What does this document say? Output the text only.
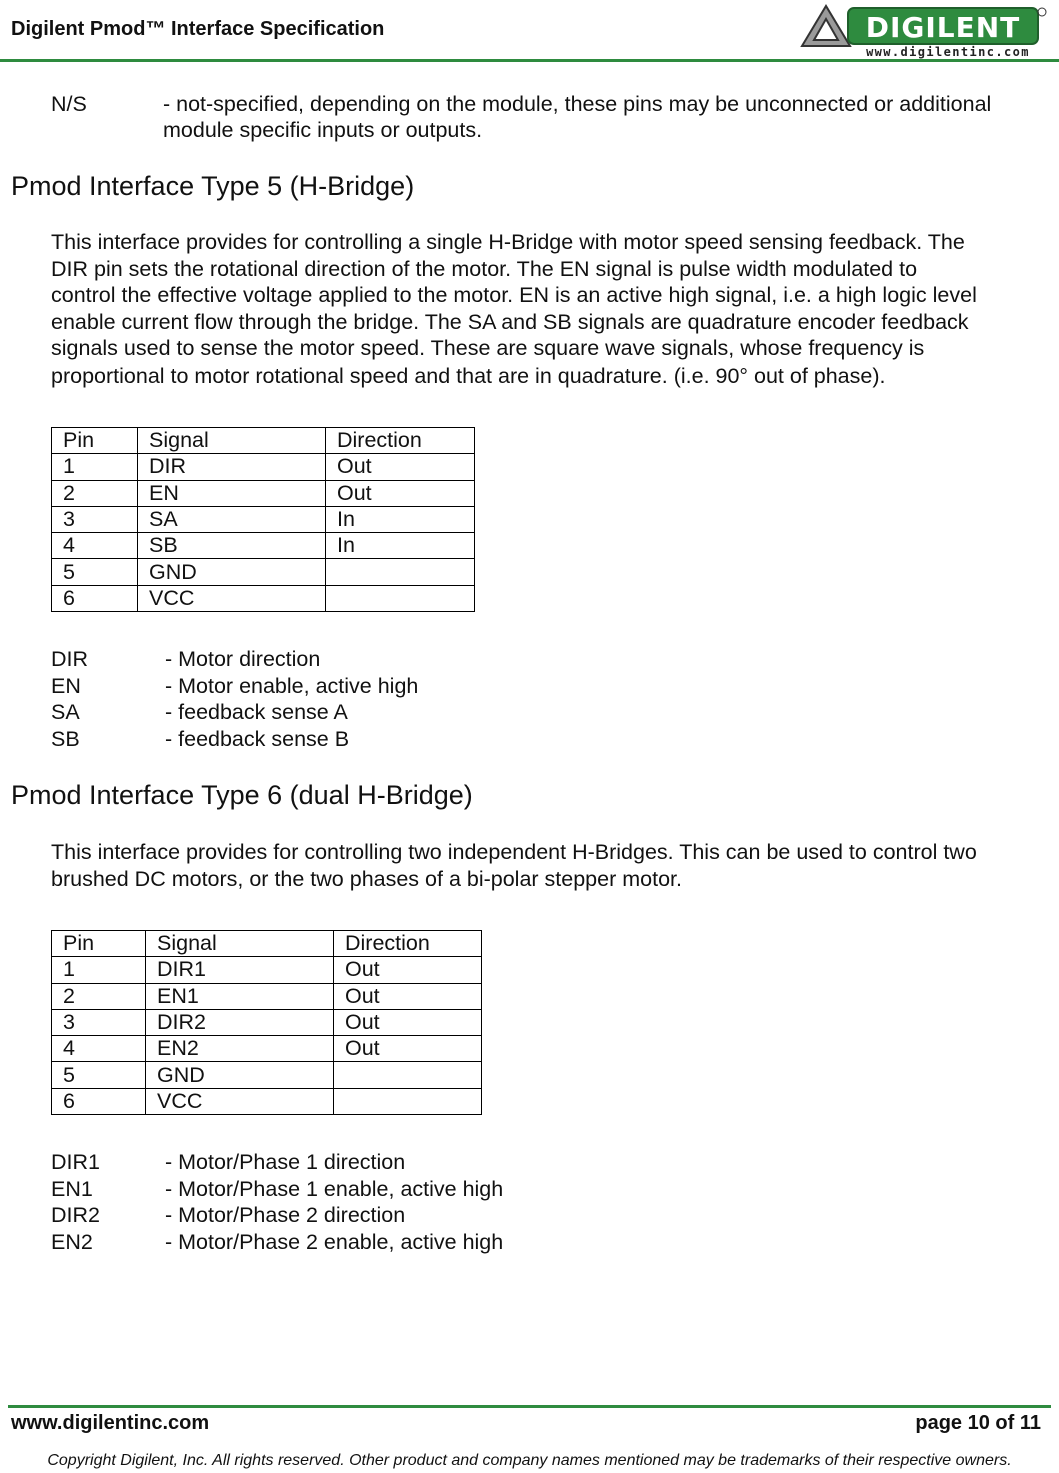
Digilent Pmod™ Interface Specification	DIGILENT
www.digilentinc.com
N/S	- not-specified, depending on the module, these pins may be unconnected or additional
module specific inputs or outputs.
Pmod Interface Type 5 (H-Bridge)
This interface provides for controlling a single H-Bridge with motor speed sensing feedback. The
DIR pin sets the rotational direction of the motor. The EN signal is pulse width modulated to
control the effective voltage applied to the motor. EN is an active high signal, i.e. a high logic level
enable current flow through the bridge. The SA and SB signals are quadrature encoder feedback
signals used to sense the motor speed. These are square wave signals, whose frequency is
proportional to motor rotational speed and that are in quadrature. (i.e. 90° out of phase).
Pin	Signal	Direction
1	DIR	Out
2	EN	Out
3	SA	In
4	SB	In
5	GND	
6	VCC	
DIR	- Motor direction
EN	- Motor enable, active high
SA	- feedback sense A
SB	- feedback sense B
Pmod Interface Type 6 (dual H-Bridge)
This interface provides for controlling two independent H-Bridges. This can be used to control two
brushed DC motors, or the two phases of a bi-polar stepper motor.
Pin	Signal	Direction
1	DIR1	Out
2	EN1	Out
3	DIR2	Out
4	EN2	Out
5	GND	
6	VCC	
DIR1	- Motor/Phase 1 direction
EN1	- Motor/Phase 1 enable, active high
DIR2	- Motor/Phase 2 direction
EN2	- Motor/Phase 2 enable, active high
www.digilentinc.com	page 10 of 11
Copyright Digilent, Inc. All rights reserved. Other product and company names mentioned may be trademarks of their respective owners.
